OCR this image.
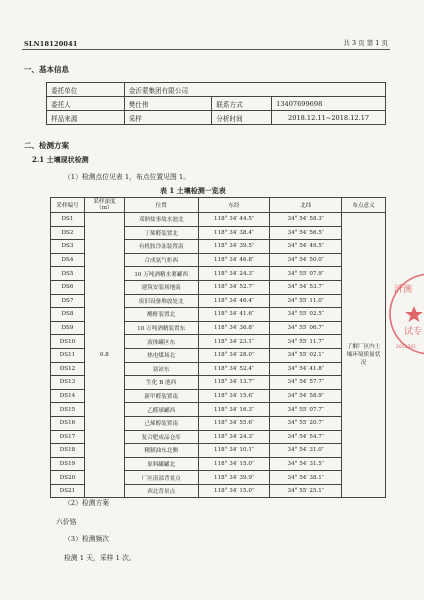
SLN18120041	共 3 页 第 1 页
一、基本信息
委托单位	金沂蒙集团有限公司		
委托人	樊仕伟	联系方式	13407699698
样品来源	采样	分析时间	2018.12.11~2018.12.17
二、检测方案
2.1 土壤现状检测
（1）检测点位见表 1，布点位置见图 1。
表 1 土壤检测一览表
采样编号	采样深度（m）	位置	东经	北纬	布点意义
DS1	0.8	邓钠盐事故水池北	118° 34′ 44.5″	34° 54′ 58.3″	了解厂区内土壤环境质量状况
DS2		丁烯醛装置北	118° 34′ 38.4″	34° 54′ 56.5″	
DS3		有机胺冷冻装置南	118° 34′ 39.5″	34° 54′ 49.5″	
DS4		合成氨气柜西	118° 34′ 46.8″	34° 54′ 50.0″	
DS5		10 万吨酒精水薯罐西	118° 34′ 24.3″	34° 55′ 07.9″	
DS6		建筑安装场地南	118° 34′ 52.7″	34° 54′ 53.7″	
DS7		废旧设备堆放处北	118° 34′ 46.4″	34° 55′ 11.0″	
DS8		醋酐装置北	118° 34′ 41.6″	34° 55′ 02.5″	
DS9		10 万吨酒精装置东	118° 34′ 36.8″	34° 55′ 06.7″	
DS10		液体罐区东	118° 34′ 23.1″	34° 55′ 11.7″	
DS11		热电煤场北	118° 34′ 28.0″	34° 55′ 02.1″	
DS12		氨站东	118° 34′ 52.4″	34° 54′ 41.8″	
DS13		生化 B 池西	118° 34′ 13.7″	34° 54′ 57.7″	
DS14		新甲醛装置南	118° 34′ 15.6″	34° 54′ 58.9″	
DS15		乙醛球罐西	118° 34′ 16.3″	34° 55′ 07.7″	
DS16		己烯醇装置南	118° 34′ 55.6″	34° 55′ 20.7″	
DS17		复合肥成品仓库	118° 34′ 24.3″	34° 54′ 54.7″	
DS18		精制油东北侧	118° 34′ 10.1″	34° 54′ 31.0″	
DS19		原料罐罐北	118° 34′ 15.0″	34° 54′ 31.5″	
DS20		厂区南部背景点	118° 34′ 39.9″	34° 54′ 38.1″	
DS21		西北背景点	118° 34′ 15.0″	34° 55′ 25.1″	
（2）检测方案
六价铬
（3）检测频次
检测 1 天，采样 1 次。
沂测
试专
2011201
